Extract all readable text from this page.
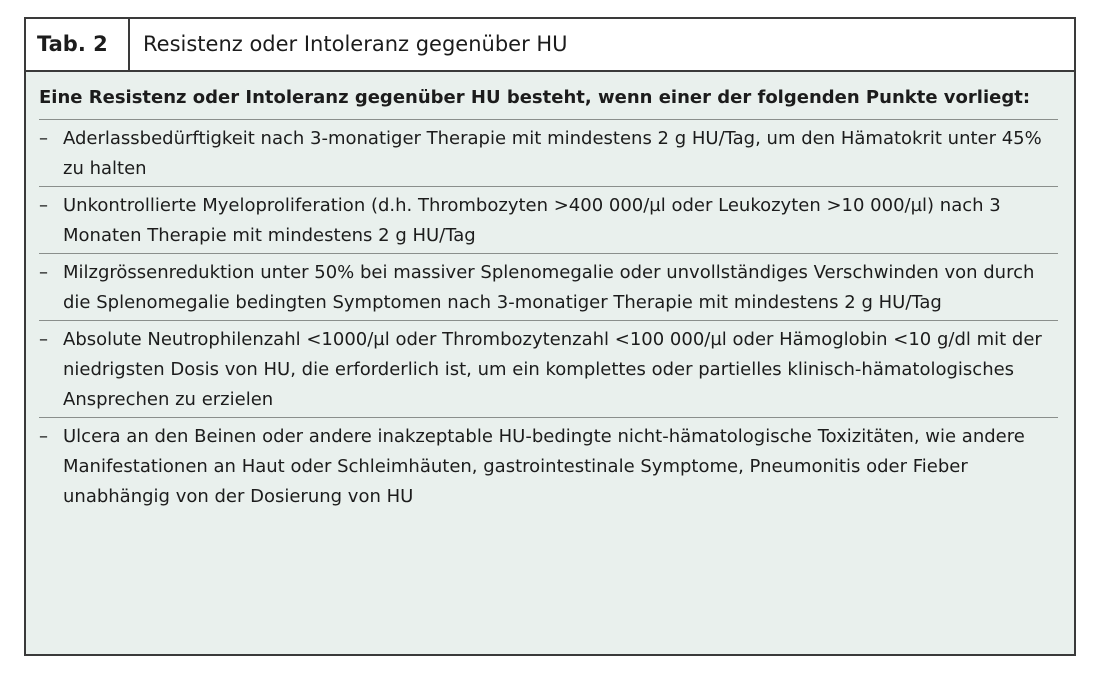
Tab. 2	Resistenz oder Intoleranz gegenüber HU

Eine Resistenz oder Intoleranz gegenüber HU besteht, wenn einer der folgenden Punkte vorliegt:

– Aderlassbedürftigkeit nach 3-monatiger Therapie mit mindestens 2 g HU/Tag, um den Hämatokrit unter 45% zu halten
– Unkontrollierte Myeloproliferation (d.h. Thrombozyten >400 000/µl oder Leukozyten >10 000/µl) nach 3 Monaten Therapie mit mindestens 2 g HU/Tag
– Milzgrössenreduktion unter 50% bei massiver Splenomegalie oder unvollständiges Verschwinden von durch die Splenomegalie bedingten Symptomen nach 3-monatiger Therapie mit mindestens 2 g HU/Tag
– Absolute Neutrophilenzahl <1000/µl oder Thrombozytenzahl <100 000/µl oder Hämoglobin <10 g/dl mit der niedrigsten Dosis von HU, die erforderlich ist, um ein komplettes oder partielles klinisch-hämatologisches Ansprechen zu erzielen
– Ulcera an den Beinen oder andere inakzeptable HU-bedingte nicht-hämatologische Toxizitäten, wie andere Manifestationen an Haut oder Schleimhäuten, gastrointestinale Symptome, Pneumonitis oder Fieber unabhängig von der Dosierung von HU
